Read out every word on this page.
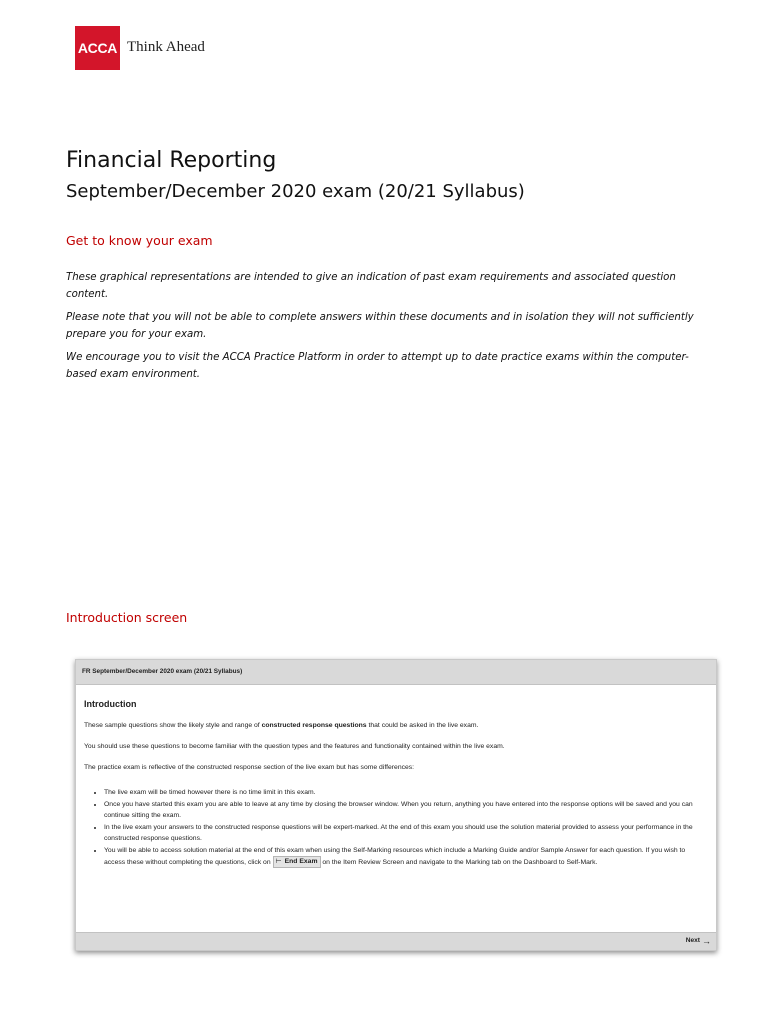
ACCA Think Ahead
Financial Reporting
September/December 2020 exam (20/21 Syllabus)
Get to know your exam

These graphical representations are intended to give an indication of past exam requirements and associated question content.

Please note that you will not be able to complete answers within these documents and in isolation they will not sufficiently prepare you for your exam.

We encourage you to visit the ACCA Practice Platform in order to attempt up to date practice exams within the computer-based exam environment.

Introduction screen
FR September/December 2020 exam (20/21 Syllabus)
Introduction

These sample questions show the likely style and range of constructed response questions that could be asked in the live exam.

You should use these questions to become familiar with the question types and the features and functionality contained within the live exam.

The practice exam is reflective of the constructed response section of the live exam but has some differences:

• The live exam will be timed however there is no time limit in this exam.
• Once you have started this exam you are able to leave at any time by closing the browser window. When you return, anything you have entered into the response options will be saved and you can continue sitting the exam.
• In the live exam your answers to the constructed response questions will be expert-marked. At the end of this exam you should use the solution material provided to assess your performance in the constructed response questions.
• You will be able to access solution material at the end of this exam when using the Self-Marking resources which include a Marking Guide and/or Sample Answer for each question. If you wish to access these without completing the questions, click on ⊢ End Exam on the Item Review Screen and navigate to the Marking tab on the Dashboard to Self-Mark.
Next →
